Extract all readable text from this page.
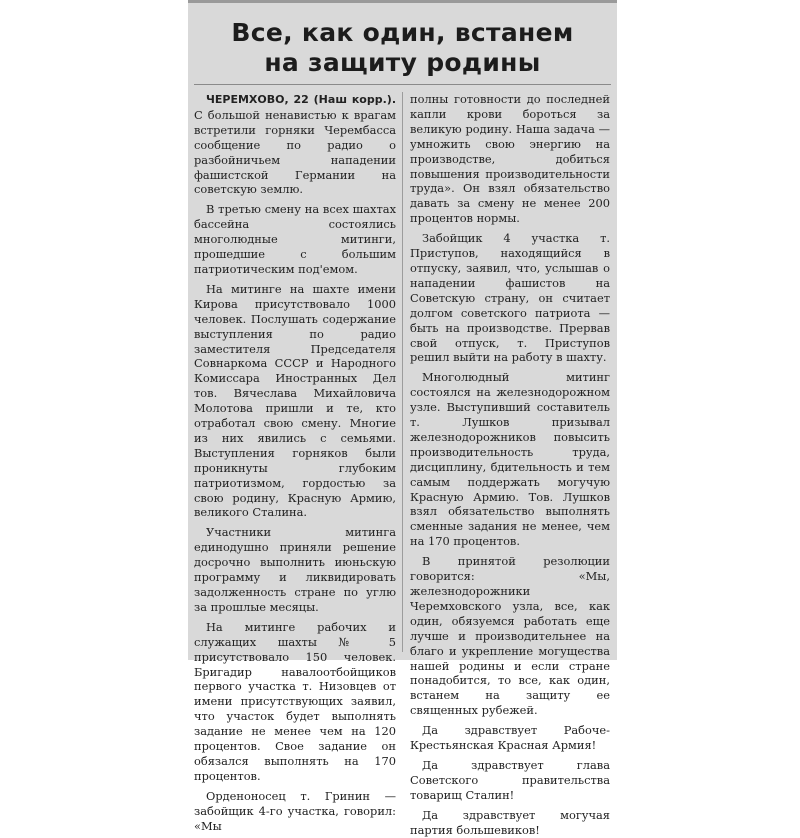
Все, как один, встанем
на защиту родины

ЧЕРЕМХОВО, 22 (Наш корр.). С большой ненавистью к врагам встретили горняки Черембасса сообщение по радио о разбойничьем нападении фашистской Германии на советскую землю.

В третью смену на всех шахтах бассейна состоялись многолюдные митинги, прошедшие с большим патриотическим под'емом.

На митинге на шахте имени Кирова присутствовало 1000 человек. Послушать содержание выступления по радио заместителя Председателя Совнаркома СССР и Народного Комиссара Иностранных Дел тов. Вячеслава Михайловича Молотова пришли и те, кто отработал свою смену. Многие из них явились с семьями. Выступления горняков были проникнуты глубоким патриотизмом, гордостью за свою родину, Красную Армию, великого Сталина.

Участники митинга единодушно приняли решение досрочно выполнить июньскую программу и ликвидировать задолженность стране по углю за прошлые месяцы.

На митинге рабочих и служащих шахты № 5 присутствовало 150 человек. Бригадир навалоотбойщиков первого участка т. Низовцев от имени присутствующих заявил, что участок будет выполнять задание не менее чем на 120 процентов. Свое задание он обязался выполнять на 170 процентов.

Орденоносец т. Гринин — забойщик 4-го участка, говорил: «Мы

полны готовности до последней капли крови бороться за великую родину. Наша задача — умножить свою энергию на производстве, добиться повышения производительности труда». Он взял обязательство давать за смену не менее 200 процентов нормы.

Забойщик 4 участка т. Приступов, находящийся в отпуску, заявил, что, услышав о нападении фашистов на Советскую страну, он считает долгом советского патриота — быть на производстве. Прервав свой отпуск, т. Приступов решил выйти на работу в шахту.

Многолюдный митинг состоялся на железнодорожном узле. Выступивший составитель т. Лушков призывал железнодорожников повысить производительность труда, дисциплину, бдительность и тем самым поддержать могучую Красную Армию. Тов. Лушков взял обязательство выполнять сменные задания не менее, чем на 170 процентов.

В принятой резолюции говорится: «Мы, железнодорожники Черемховского узла, все, как один, обязуемся работать еще лучше и производительнее на благо и укрепление могущества нашей родины и если стране понадобится, то все, как один, встанем на защиту ее священных рубежей.

Да здравствует Рабоче-Крестьянская Красная Армия!

Да здравствует глава Советского правительства товарищ Сталин!

Да здравствует могучая партия большевиков!
